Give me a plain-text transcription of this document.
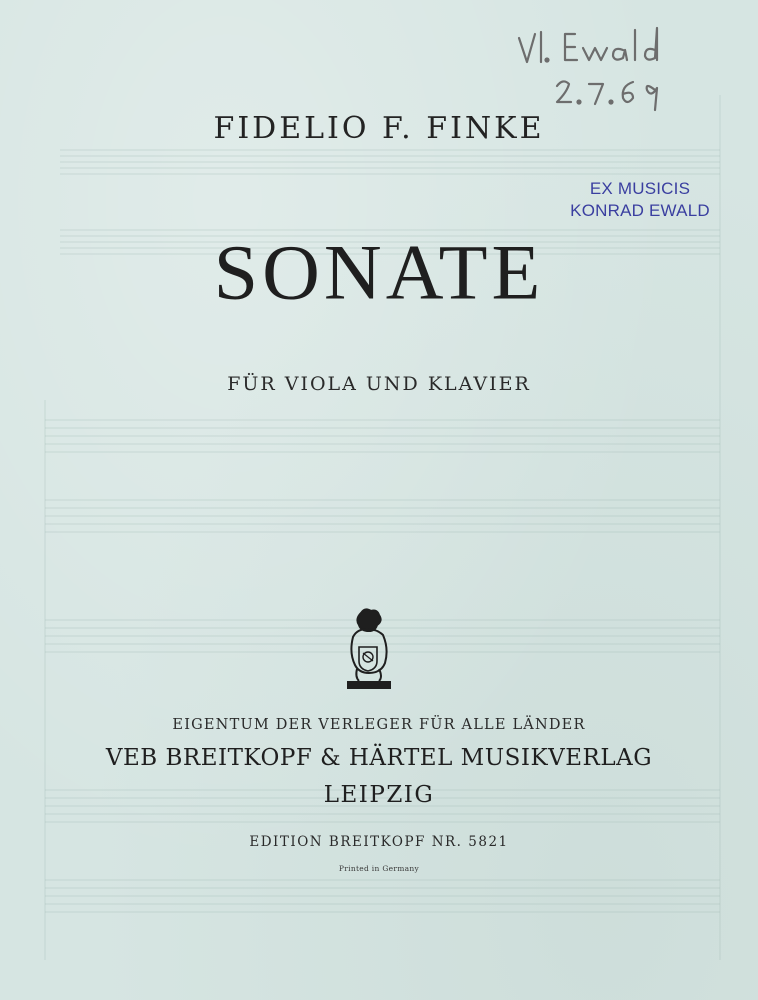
EX MUSICIS
KONRAD EWALD
FIDELIO F. FINKE
SONATE
FÜR VIOLA UND KLAVIER
EIGENTUM DER VERLEGER FÜR ALLE LÄNDER
VEB BREITKOPF & HÄRTEL MUSIKVERLAG
LEIPZIG
EDITION BREITKOPF NR. 5821
Printed in Germany
